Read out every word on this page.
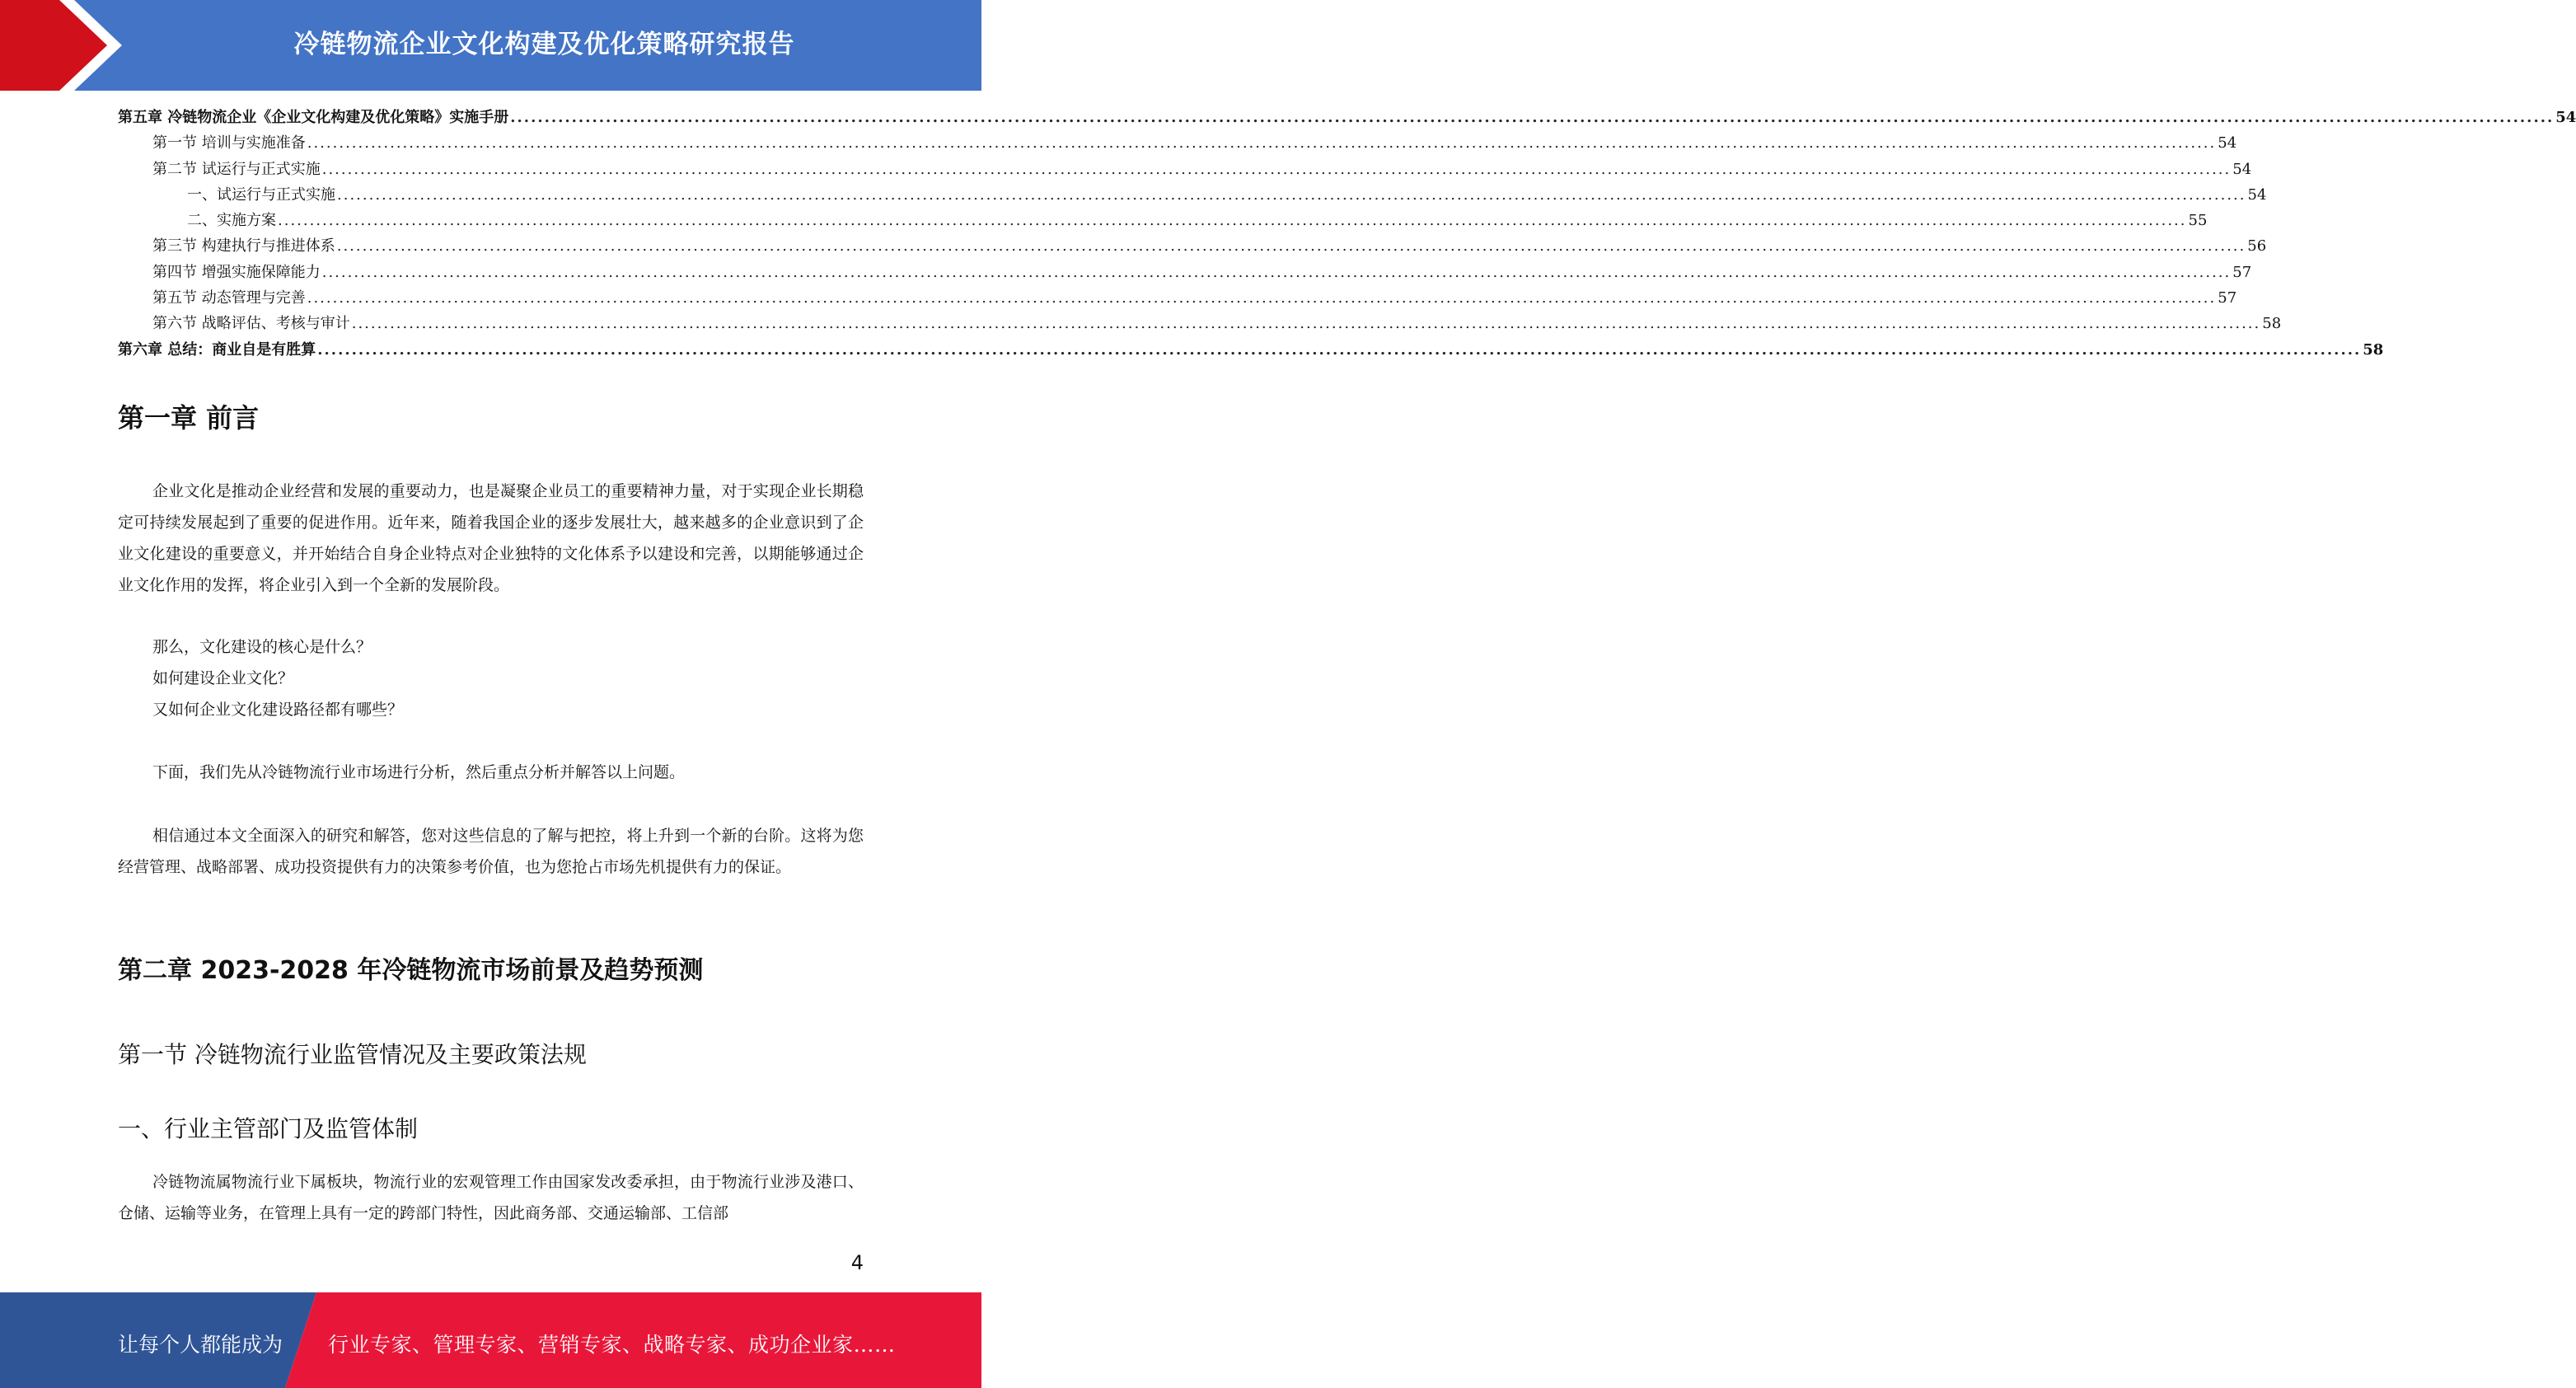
冷链物流企业文化构建及优化策略研究报告
第五章 冷链物流企业《企业文化构建及优化策略》实施手册 ............................................................................................................................................................................................................................................................................................................ 54
第一节 培训与实施准备 ............................................................................................................................................................................................................................................................................................................ 54
第二节 试运行与正式实施 ............................................................................................................................................................................................................................................................................................................ 54
一、试运行与正式实施 ............................................................................................................................................................................................................................................................................................................ 54
二、实施方案 ............................................................................................................................................................................................................................................................................................................ 55
第三节 构建执行与推进体系 ............................................................................................................................................................................................................................................................................................................ 56
第四节 增强实施保障能力 ............................................................................................................................................................................................................................................................................................................ 57
第五节 动态管理与完善 ............................................................................................................................................................................................................................................................................................................ 57
第六节 战略评估、考核与审计 ............................................................................................................................................................................................................................................................................................................ 58
第六章 总结：商业自是有胜算 ............................................................................................................................................................................................................................................................................................................ 58
第一章 前言
企业文化是推动企业经营和发展的重要动力，也是凝聚企业员工的重要精神力量，对于实现企业长期稳定可持续发展起到了重要的促进作用。近年来，随着我国企业的逐步发展壮大，越来越多的企业意识到了企业文化建设的重要意义，并开始结合自身企业特点对企业独特的文化体系予以建设和完善，以期能够通过企业文化作用的发挥，将企业引入到一个全新的发展阶段。
那么，文化建设的核心是什么？
如何建设企业文化？
又如何企业文化建设路径都有哪些？
下面，我们先从冷链物流行业市场进行分析，然后重点分析并解答以上问题。
相信通过本文全面深入的研究和解答，您对这些信息的了解与把控，将上升到一个新的台阶。这将为您经营管理、战略部署、成功投资提供有力的决策参考价值，也为您抢占市场先机提供有力的保证。
第二章 2023-2028 年冷链物流市场前景及趋势预测
第一节 冷链物流行业监管情况及主要政策法规
一、行业主管部门及监管体制
冷链物流属物流行业下属板块，物流行业的宏观管理工作由国家发改委承担，由于物流行业涉及港口、仓储、运输等业务，在管理上具有一定的跨部门特性，因此商务部、交通运输部、工信部
4
让每个人都能成为 行业专家、管理专家、营销专家、战略专家、成功企业家……
